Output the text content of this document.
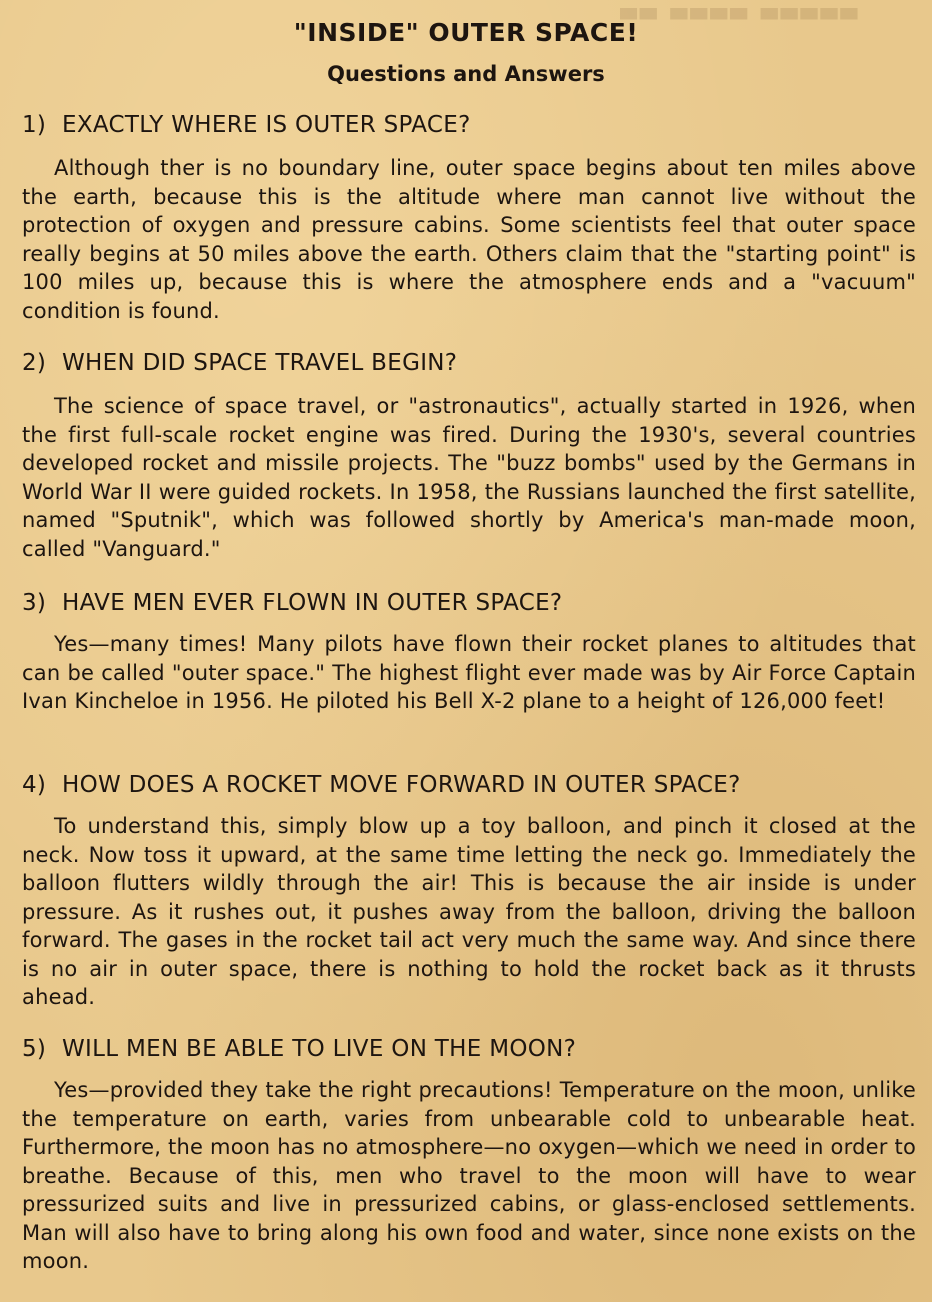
▀▀ ▀▀▀▀ ▀▀▀▀▀
"INSIDE" OUTER SPACE!
Questions and Answers
1) EXACTLY WHERE IS OUTER SPACE?
Although ther is no boundary line, outer space begins about ten miles above the earth, because this is the altitude where man cannot live without the protection of oxygen and pressure cabins. Some scientists feel that outer space really begins at 50 miles above the earth. Others claim that the "starting point" is 100 miles up, because this is where the atmosphere ends and a "vacuum" condition is found.
2) WHEN DID SPACE TRAVEL BEGIN?
The science of space travel, or "astronautics", actually started in 1926, when the first full-scale rocket engine was fired. During the 1930's, several countries developed rocket and missile projects. The "buzz bombs" used by the Germans in World War II were guided rockets. In 1958, the Russians launched the first satellite, named "Sputnik", which was followed shortly by America's man-made moon, called "Vanguard."
3) HAVE MEN EVER FLOWN IN OUTER SPACE?
Yes—many times! Many pilots have flown their rocket planes to altitudes that can be called "outer space." The highest flight ever made was by Air Force Captain Ivan Kincheloe in 1956. He piloted his Bell X-2 plane to a height of 126,000 feet!
4) HOW DOES A ROCKET MOVE FORWARD IN OUTER SPACE?
To understand this, simply blow up a toy balloon, and pinch it closed at the neck. Now toss it upward, at the same time letting the neck go. Immediately the balloon flutters wildly through the air! This is because the air inside is under pressure. As it rushes out, it pushes away from the balloon, driving the balloon forward. The gases in the rocket tail act very much the same way. And since there is no air in outer space, there is nothing to hold the rocket back as it thrusts ahead.
5) WILL MEN BE ABLE TO LIVE ON THE MOON?
Yes—provided they take the right precautions! Temperature on the moon, unlike the temperature on earth, varies from unbearable cold to unbearable heat. Furthermore, the moon has no atmosphere—no oxygen—which we need in order to breathe. Because of this, men who travel to the moon will have to wear pressurized suits and live in pressurized cabins, or glass-enclosed settlements. Man will also have to bring along his own food and water, since none exists on the moon.
